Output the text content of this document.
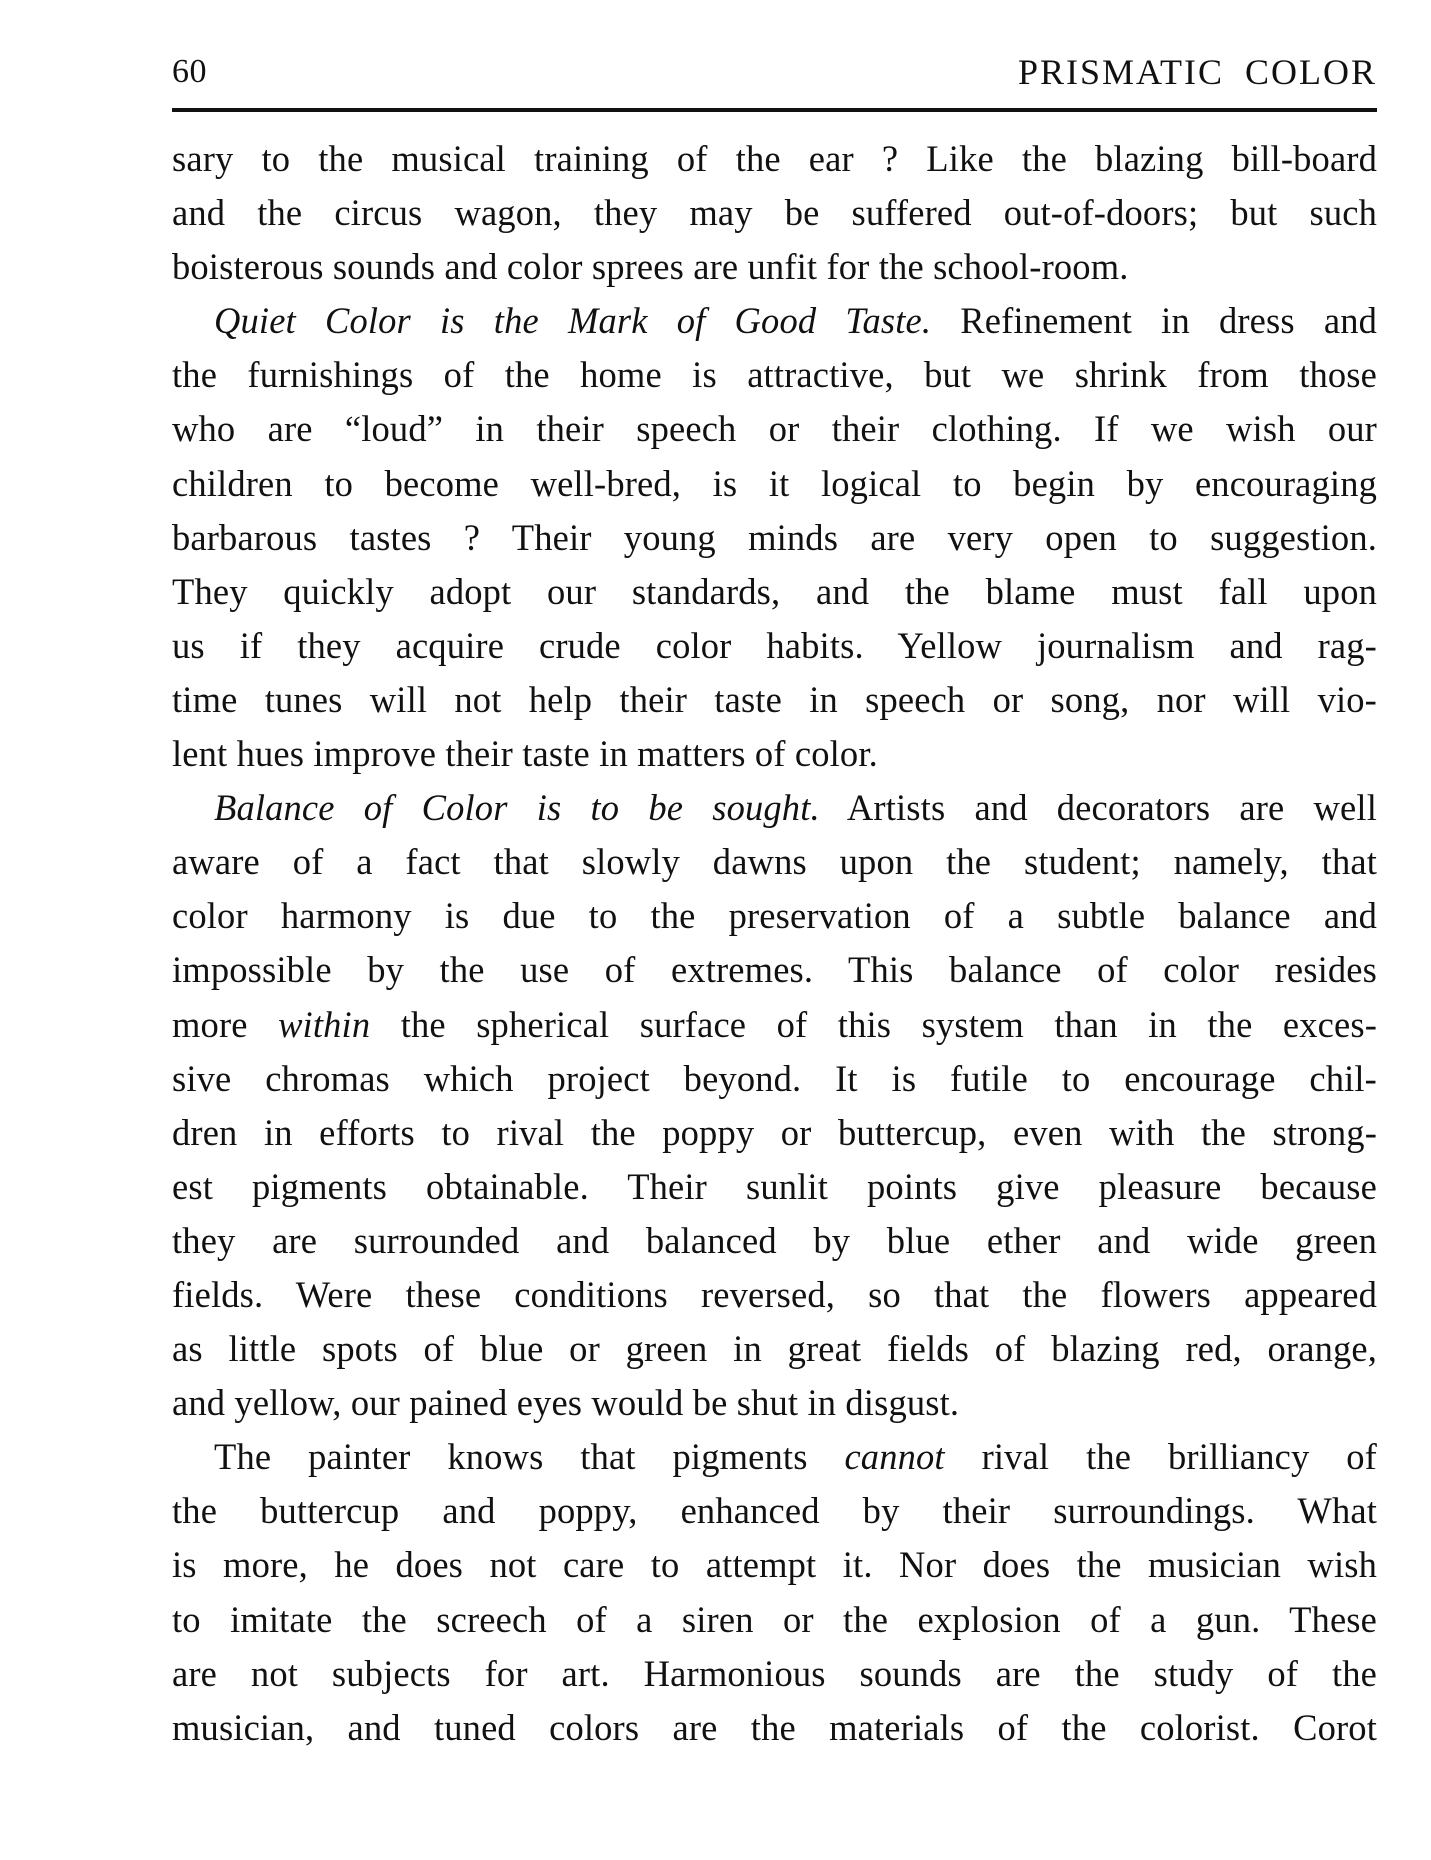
60	PRISMATIC COLOR
sary to the musical training of the ear ? Like the blazing bill-board
and the circus wagon, they may be suffered out-of-doors; but such
boisterous sounds and color sprees are unfit for the school-room.
Quiet Color is the Mark of Good Taste. Refinement in dress and
the furnishings of the home is attractive, but we shrink from those
who are “loud” in their speech or their clothing. If we wish our
children to become well-bred, is it logical to begin by encouraging
barbarous tastes ? Their young minds are very open to suggestion.
They quickly adopt our standards, and the blame must fall upon
us if they acquire crude color habits. Yellow journalism and rag-
time tunes will not help their taste in speech or song, nor will vio-
lent hues improve their taste in matters of color.
Balance of Color is to be sought. Artists and decorators are well
aware of a fact that slowly dawns upon the student; namely, that
color harmony is due to the preservation of a subtle balance and
impossible by the use of extremes. This balance of color resides
more within the spherical surface of this system than in the exces-
sive chromas which project beyond. It is futile to encourage chil-
dren in efforts to rival the poppy or buttercup, even with the strong-
est pigments obtainable. Their sunlit points give pleasure because
they are surrounded and balanced by blue ether and wide green
fields. Were these conditions reversed, so that the flowers appeared
as little spots of blue or green in great fields of blazing red, orange,
and yellow, our pained eyes would be shut in disgust.
The painter knows that pigments cannot rival the brilliancy of
the buttercup and poppy, enhanced by their surroundings. What
is more, he does not care to attempt it. Nor does the musician wish
to imitate the screech of a siren or the explosion of a gun. These
are not subjects for art. Harmonious sounds are the study of the
musician, and tuned colors are the materials of the colorist. Corot
